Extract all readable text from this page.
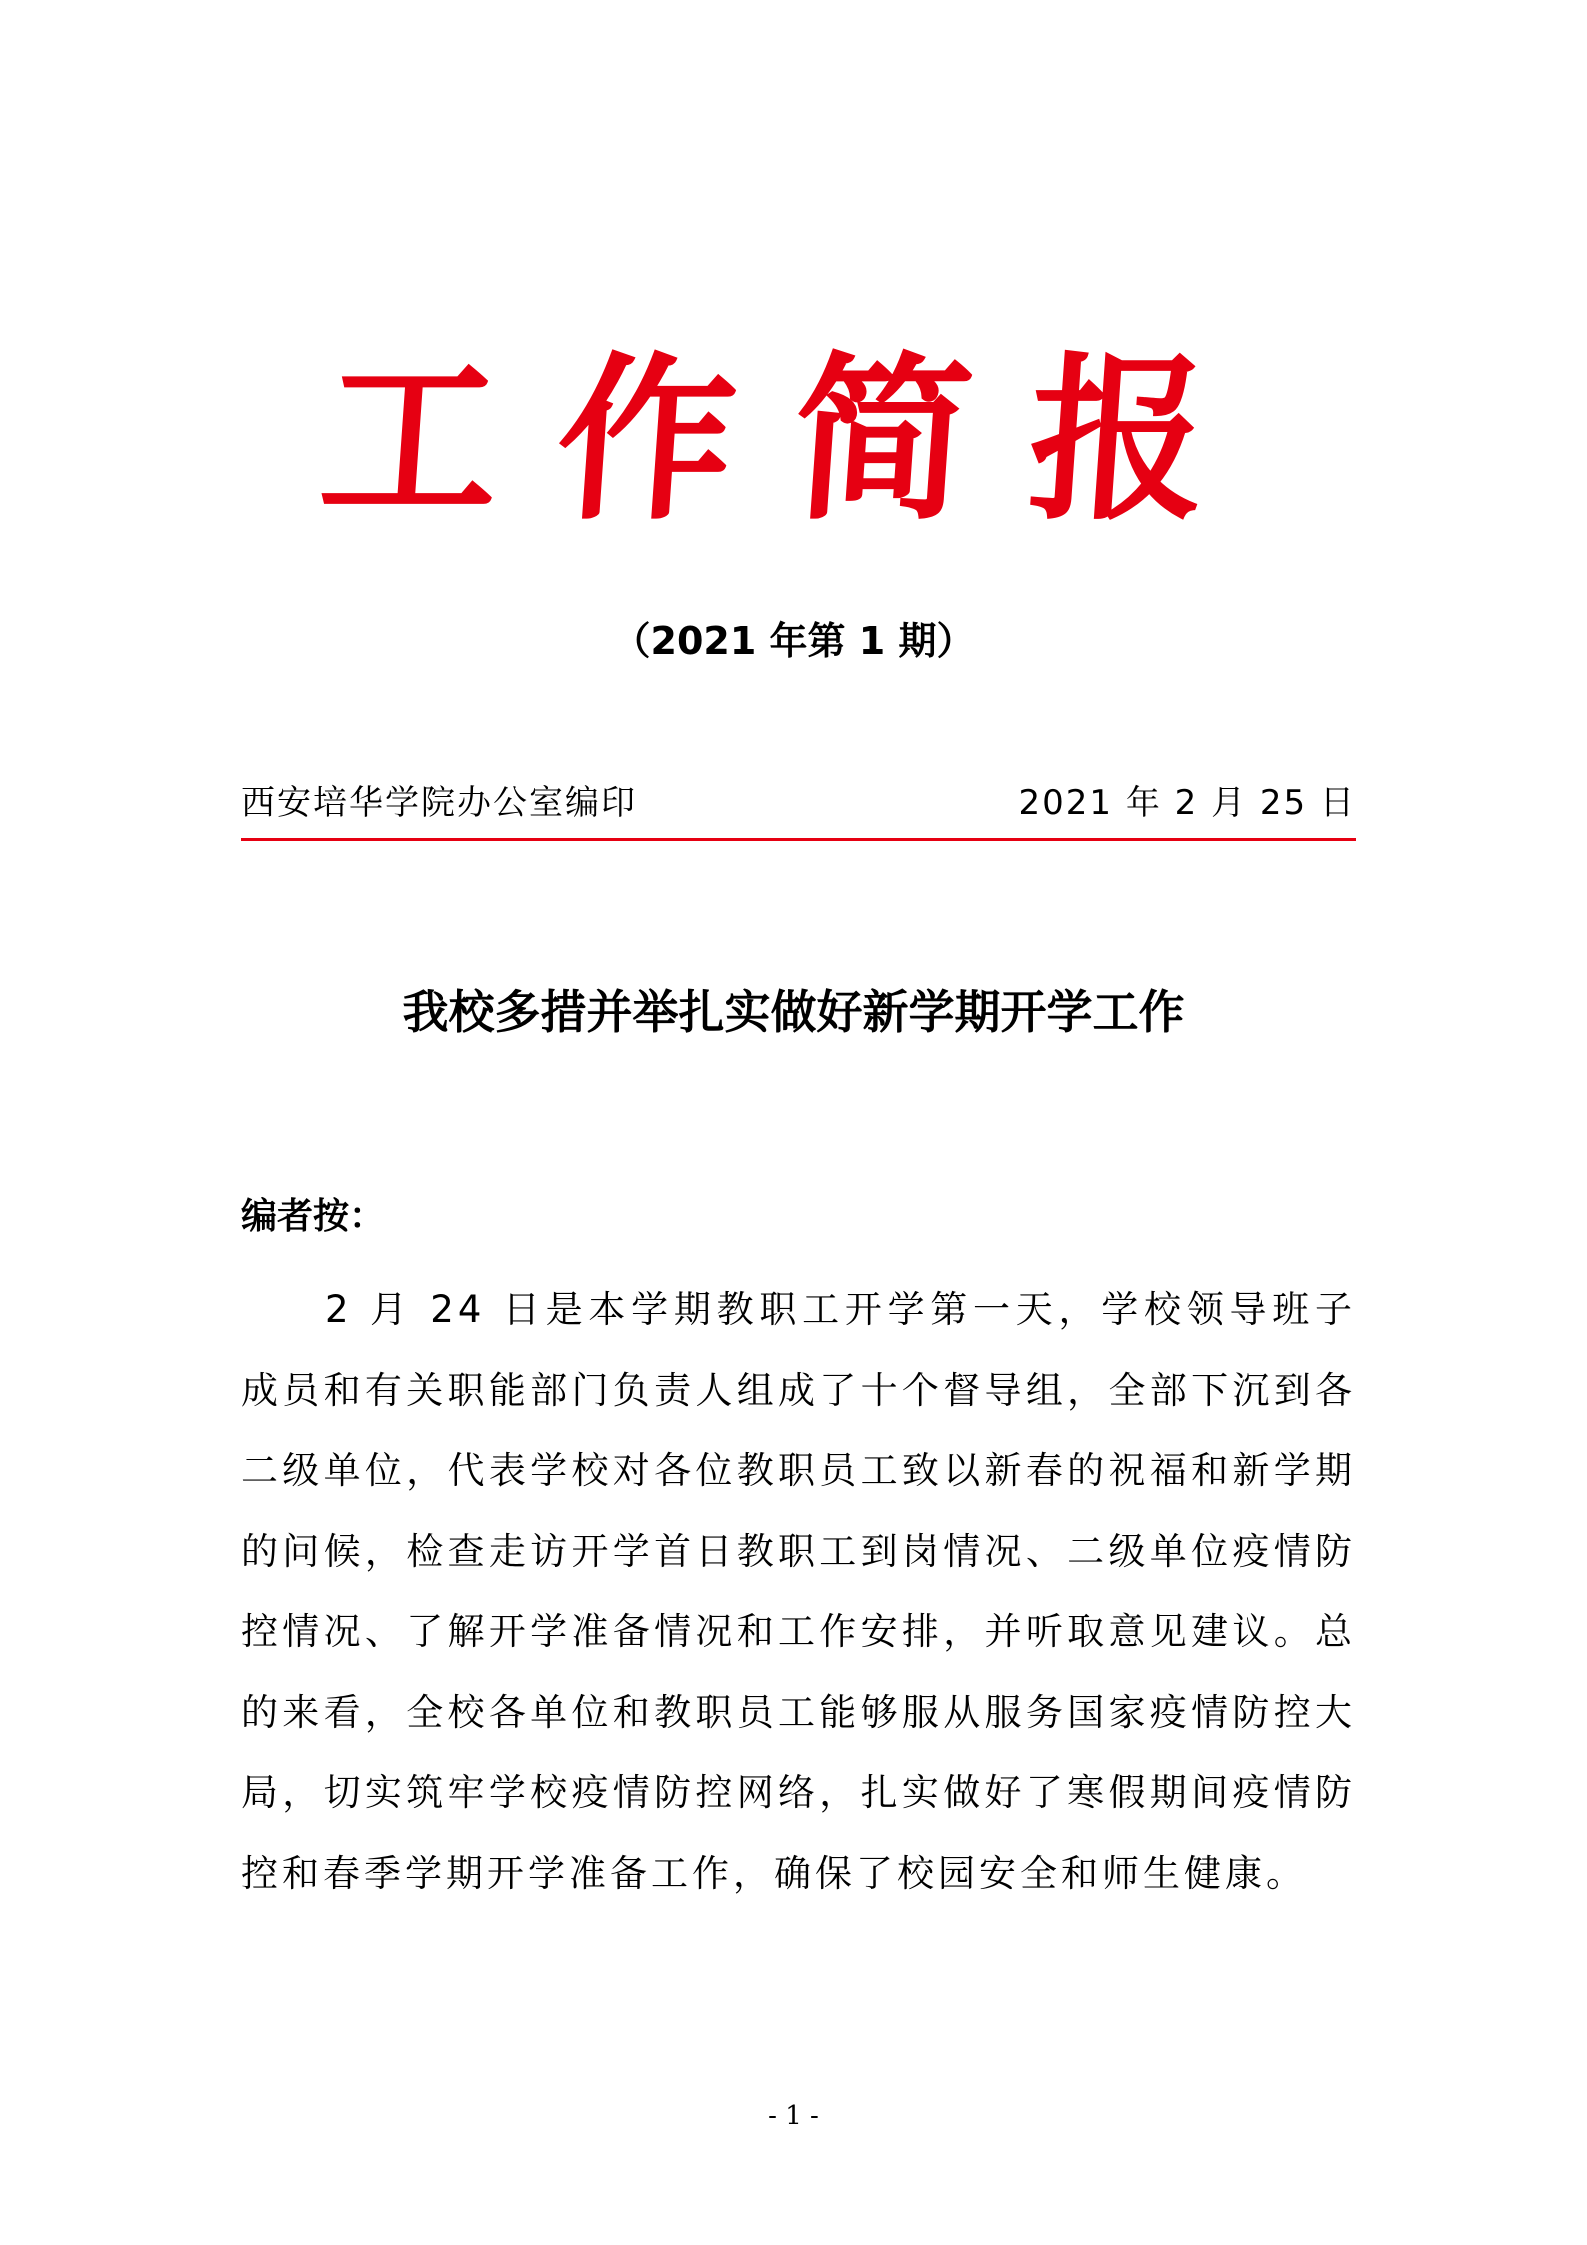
工作简报
（2021 年第 1 期）
西安培华学院办公室编印	2021 年 2 月 25 日
我校多措并举扎实做好新学期开学工作
编者按：

2 月 24 日是本学期教职工开学第一天，学校领导班子成员和有关职能部门负责人组成了十个督导组，全部下沉到各二级单位，代表学校对各位教职员工致以新春的祝福和新学期的问候，检查走访开学首日教职工到岗情况、二级单位疫情防控情况、了解开学准备情况和工作安排，并听取意见建议。总的来看，全校各单位和教职员工能够服从服务国家疫情防控大局，切实筑牢学校疫情防控网络，扎实做好了寒假期间疫情防控和春季学期开学准备工作，确保了校园安全和师生健康。

- 1 -
